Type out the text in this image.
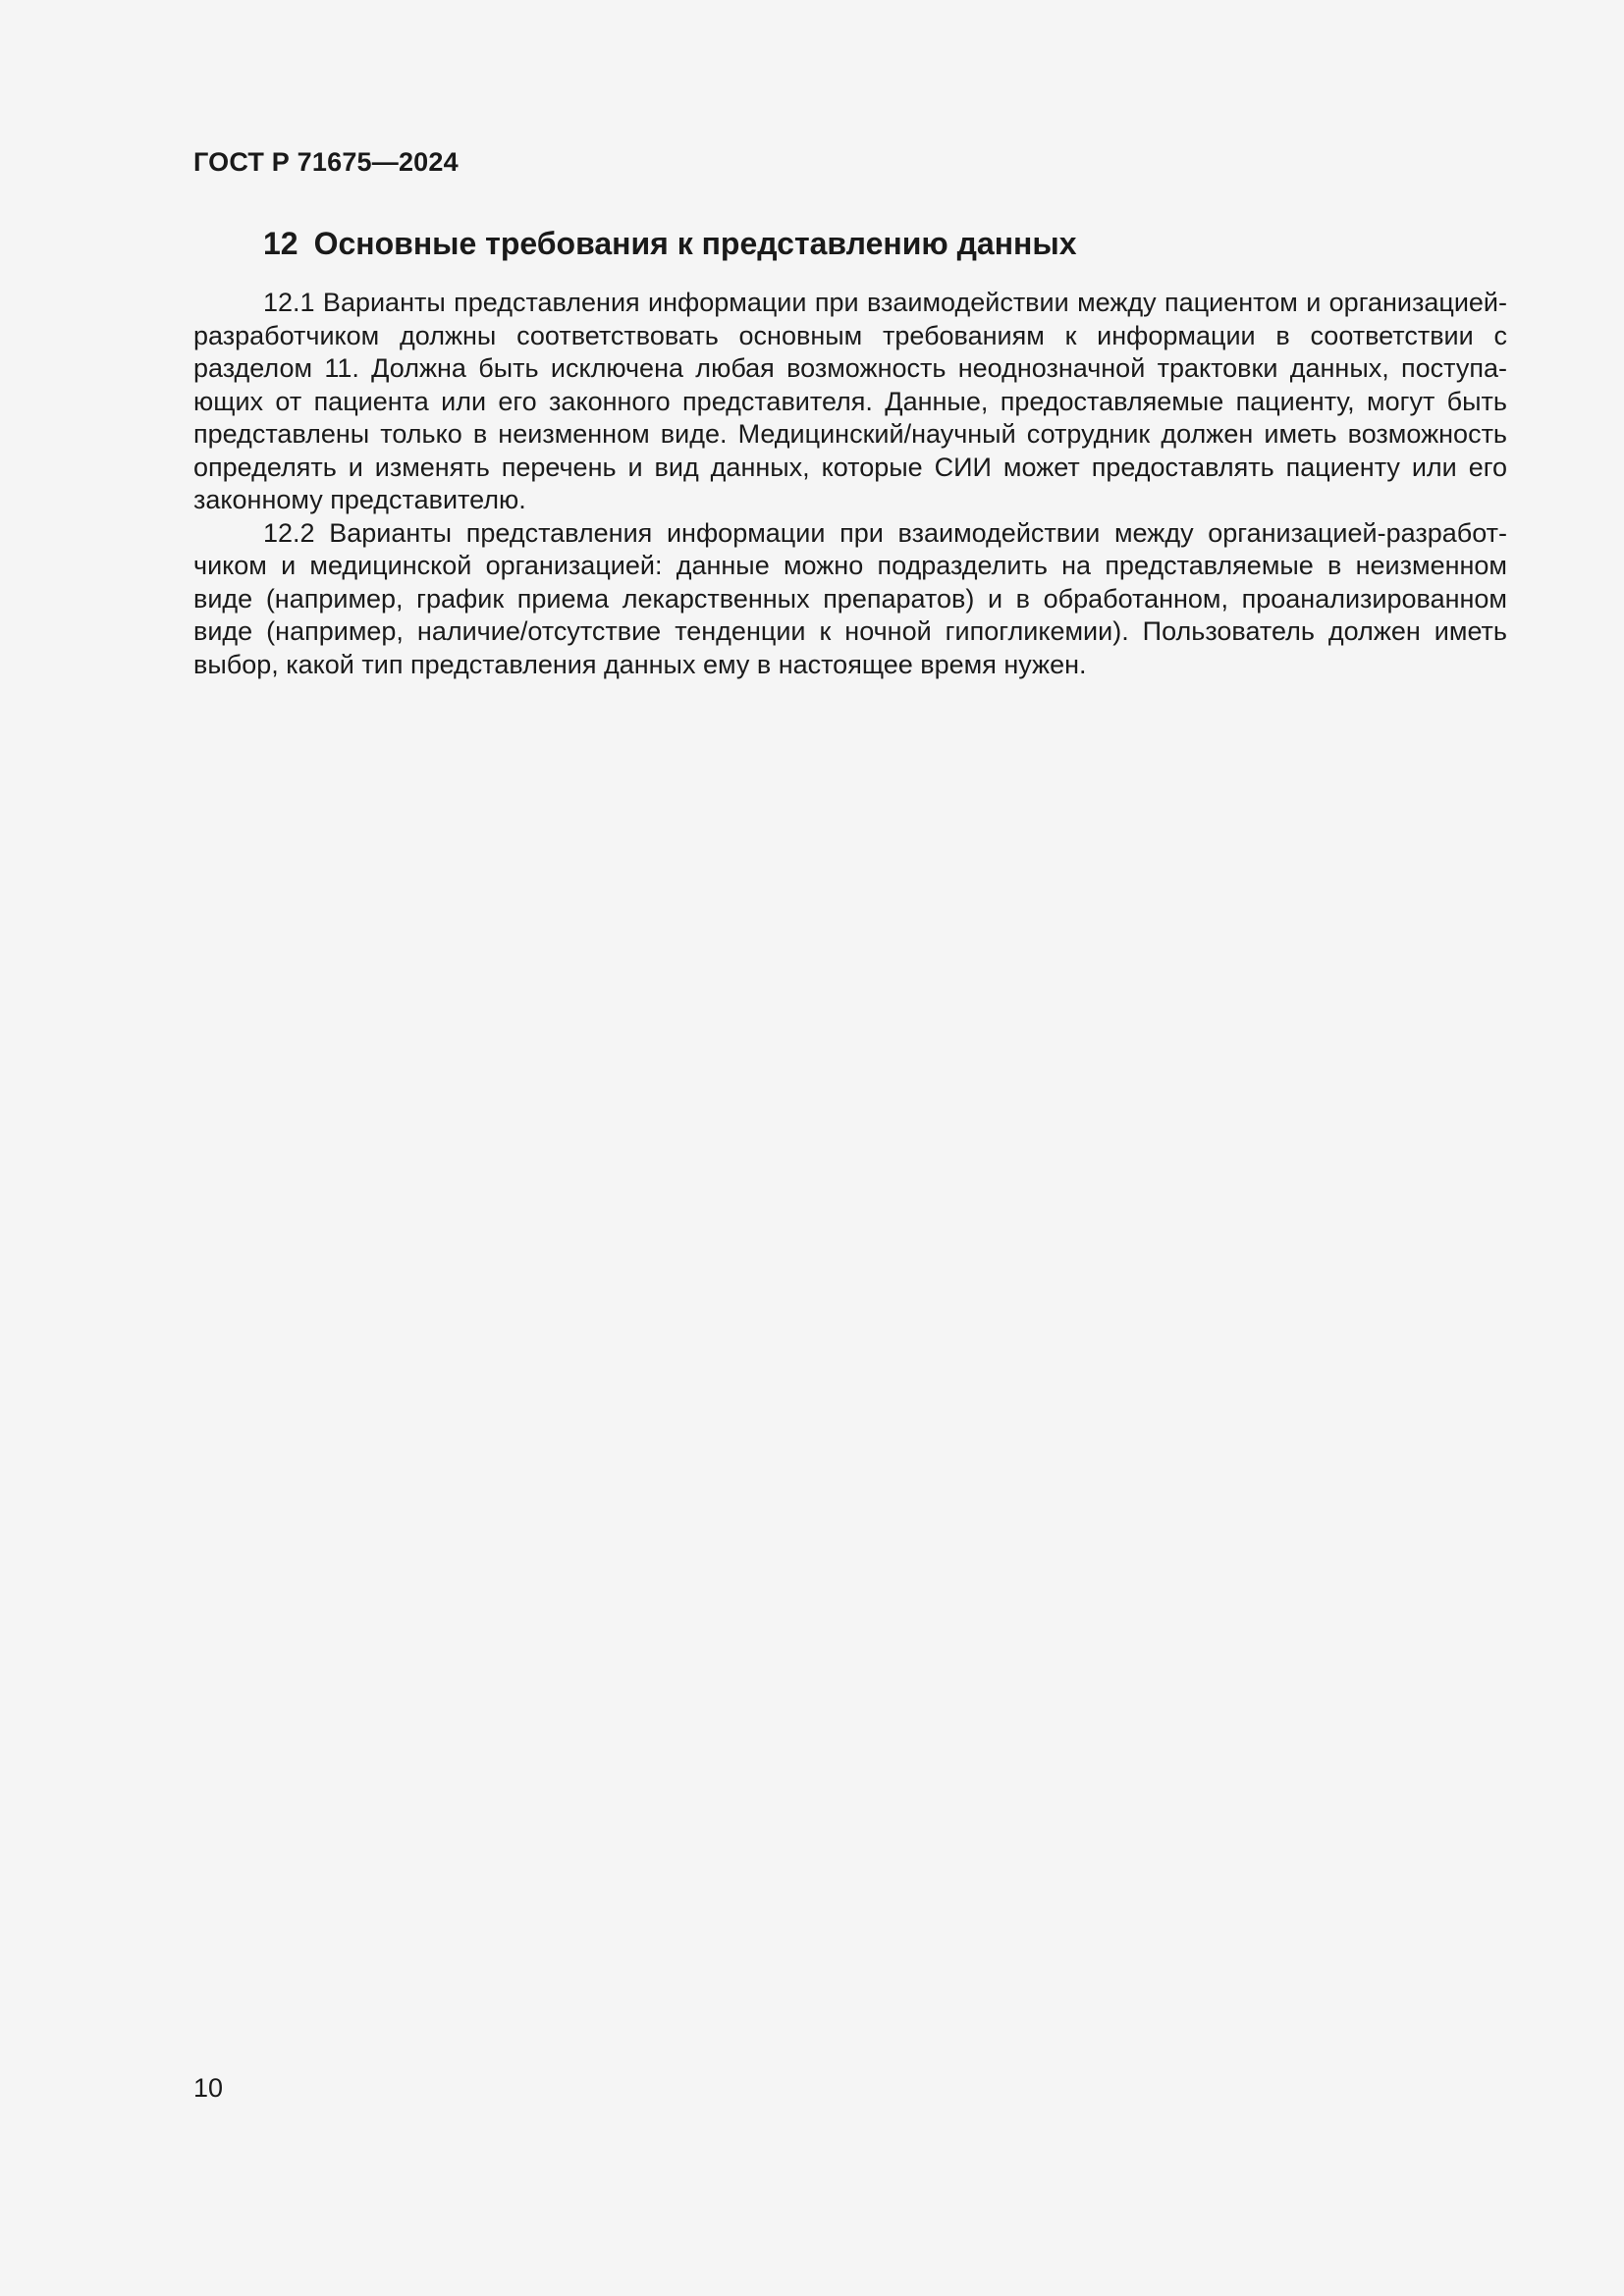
ГОСТ Р 71675—2024

12 Основные требования к представлению данных

12.1 Варианты представления информации при взаимодействии между пациентом и организацией-разработчиком должны соответствовать основным требованиям к информации в соответствии с разделом 11. Должна быть исключена любая возможность неоднозначной трактовки данных, поступающих от пациента или его законного представителя. Данные, предоставляемые пациенту, могут быть представлены только в неизменном виде. Медицинский/научный сотрудник должен иметь возможность определять и изменять перечень и вид данных, которые СИИ может предоставлять пациенту или его законному представителю.

12.2 Варианты представления информации при взаимодействии между организацией-разработчиком и медицинской организацией: данные можно подразделить на представляемые в неизменном виде (например, график приема лекарственных препаратов) и в обработанном, проанализированном виде (например, наличие/отсутствие тенденции к ночной гипогликемии). Пользователь должен иметь выбор, какой тип представления данных ему в настоящее время нужен.

10
